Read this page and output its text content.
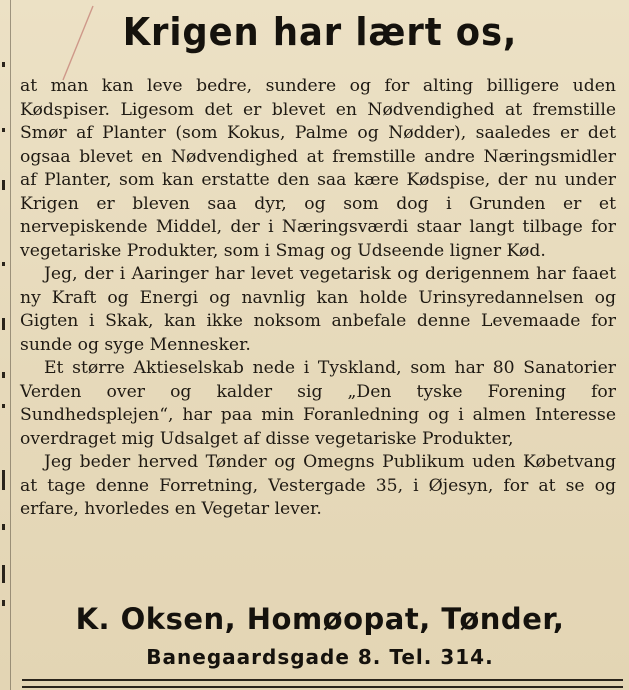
Krigen har lært os,

at man kan leve bedre, sundere og for alting billigere uden Kødspiser. Ligesom det er blevet en Nødvendighed at fremstille Smør af Planter (som Kokus, Palme og Nødder), saaledes er det ogsaa blevet en Nødvendighed at fremstille andre Næringsmidler af Planter, som kan erstatte den saa kære Kødspise, der nu under Krigen er bleven saa dyr, og som dog i Grunden er et nervepiskende Middel, der i Næringsværdi staar langt tilbage for vegetariske Produkter, som i Smag og Udseende ligner Kød.

Jeg, der i Aaringer har levet vegetarisk og derigennem har faaet ny Kraft og Energi og navnlig kan holde Urinsyredannelsen og Gigten i Skak, kan ikke noksom anbefale denne Levemaade for sunde og syge Mennesker.

Et større Aktieselskab nede i Tyskland, som har 80 Sanatorier Verden over og kalder sig „Den tyske Forening for Sundhedsplejen“, har paa min Foranledning og i almen Interesse overdraget mig Udsalget af disse vegetariske Produkter,

Jeg beder herved Tønder og Omegns Publikum uden Købetvang at tage denne Forretning, Vestergade 35, i Øjesyn, for at se og erfare, hvorledes en Vegetar lever.

K. Oksen, Homøopat, Tønder,
Banegaardsgade 8. Tel. 314.
